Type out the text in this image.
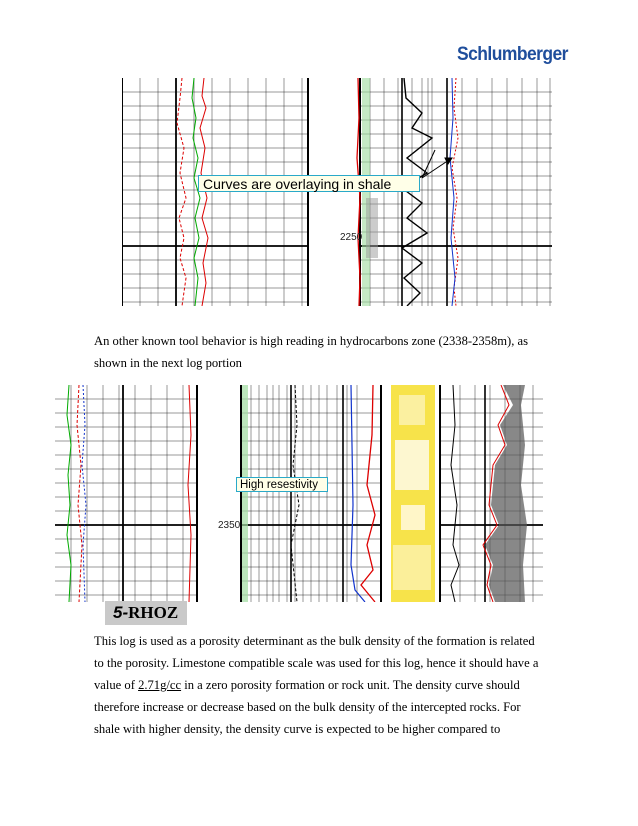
Schlumberger
Curves are overlaying in shale
2250

An other known tool behavior is high reading in hydrocarbons zone (2338-2358m), as
shown in the next log portion

High resestivity
2350
5-RHOZ

This log is used as a porosity determinant as the bulk density of the formation is related
to the porosity. Limestone compatible scale was used for this log, hence it should have a
value of 2.71g/cc in a zero porosity formation or rock unit. The density curve should
therefore increase or decrease based on the bulk density of the intercepted rocks. For
shale with higher density, the density curve is expected to be higher compared to
